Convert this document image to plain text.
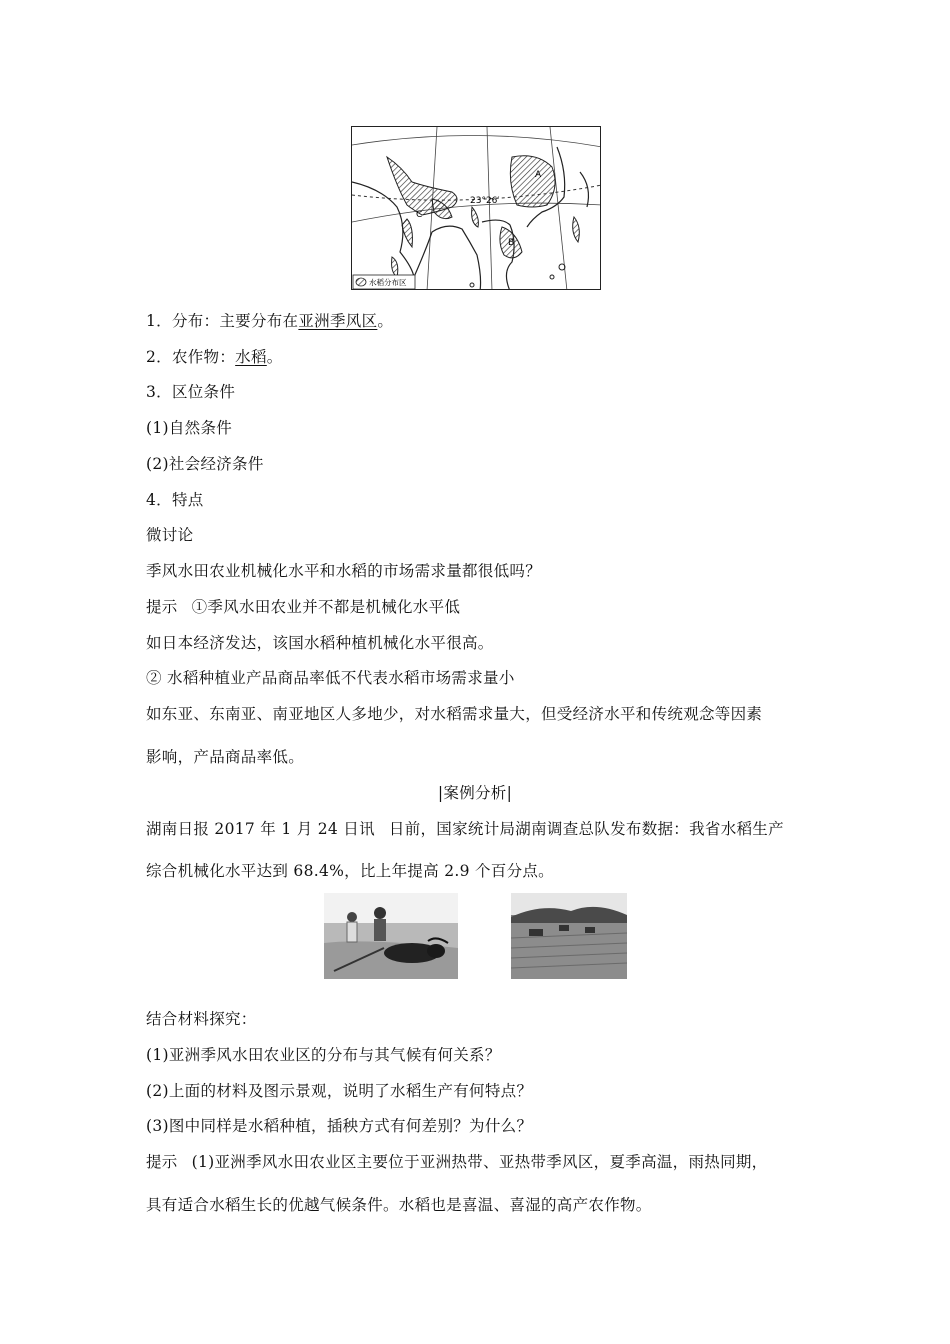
23°26′
A
B
C
水稻分布区
1．分布：主要分布在亚洲季风区。
2．农作物：水稻。
3．区位条件
(1)自然条件
(2)社会经济条件
4．特点
微讨论
季风水田农业机械化水平和水稻的市场需求量都很低吗？
提示 ①季风水田农业并不都是机械化水平低
如日本经济发达，该国水稻种植机械化水平很高。
② 水稻种植业产品商品率低不代表水稻市场需求量小
如东亚、东南亚、南亚地区人多地少，对水稻需求量大，但受经济水平和传统观念等因素
影响，产品商品率低。
|案例分析|
湖南日报 2017 年 1 月 24 日讯 日前，国家统计局湖南调查总队发布数据：我省水稻生产
综合机械化水平达到 68.4%，比上年提高 2.9 个百分点。
结合材料探究：
(1)亚洲季风水田农业区的分布与其气候有何关系？
(2)上面的材料及图示景观，说明了水稻生产有何特点？
(3)图中同样是水稻种植，插秧方式有何差别？为什么？
提示 (1)亚洲季风水田农业区主要位于亚洲热带、亚热带季风区，夏季高温，雨热同期，
具有适合水稻生长的优越气候条件。水稻也是喜温、喜湿的高产农作物。
